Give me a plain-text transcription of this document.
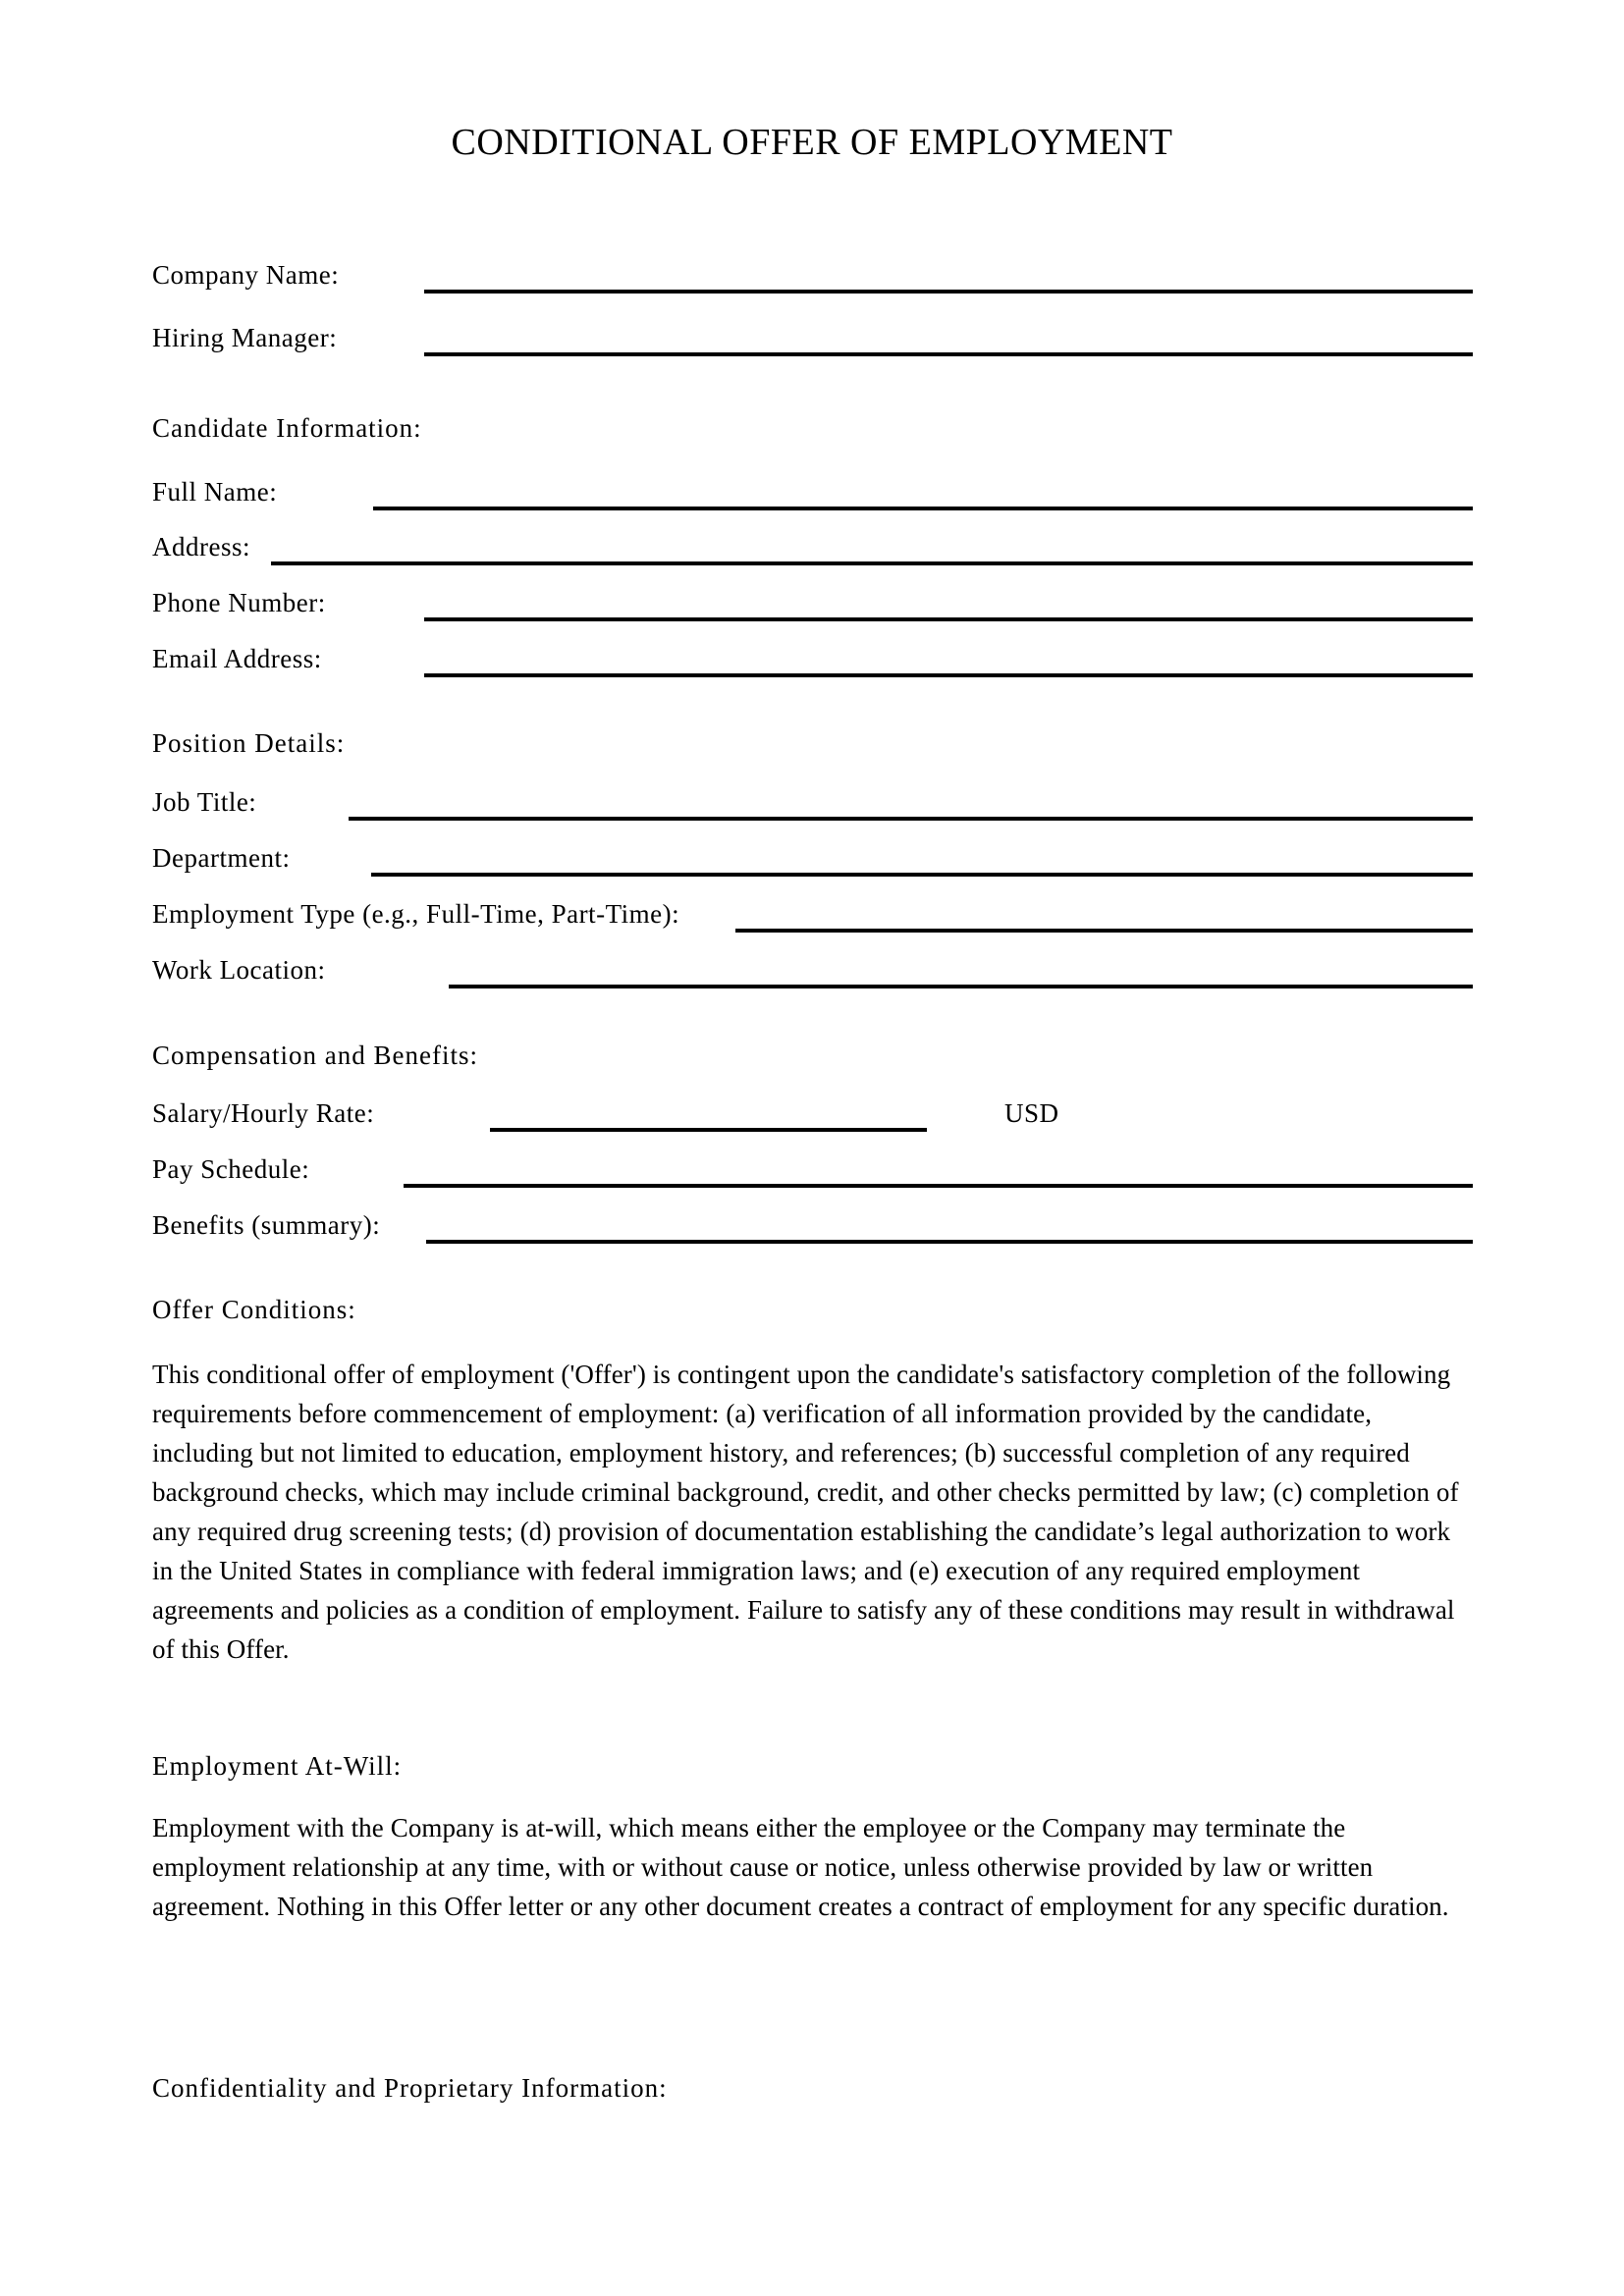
CONDITIONAL OFFER OF EMPLOYMENT
Company Name:
Hiring Manager:
Candidate Information:
Full Name:
Address:
Phone Number:
Email Address:
Position Details:
Job Title:
Department:
Employment Type (e.g., Full-Time, Part-Time):
Work Location:
Compensation and Benefits:
Salary/Hourly Rate:	USD
Pay Schedule:
Benefits (summary):
Offer Conditions:

This conditional offer of employment ('Offer') is contingent upon the candidate's satisfactory completion of the following requirements before commencement of employment: (a) verification of all information provided by the candidate, including but not limited to education, employment history, and references; (b) successful completion of any required background checks, which may include criminal background, credit, and other checks permitted by law; (c) completion of any required drug screening tests; (d) provision of documentation establishing the candidate’s legal authorization to work in the United States in compliance with federal immigration laws; and (e) execution of any required employment agreements and policies as a condition of employment. Failure to satisfy any of these conditions may result in withdrawal of this Offer.

Employment At-Will:

Employment with the Company is at-will, which means either the employee or the Company may terminate the employment relationship at any time, with or without cause or notice, unless otherwise provided by law or written agreement. Nothing in this Offer letter or any other document creates a contract of employment for any specific duration.

Confidentiality and Proprietary Information:
